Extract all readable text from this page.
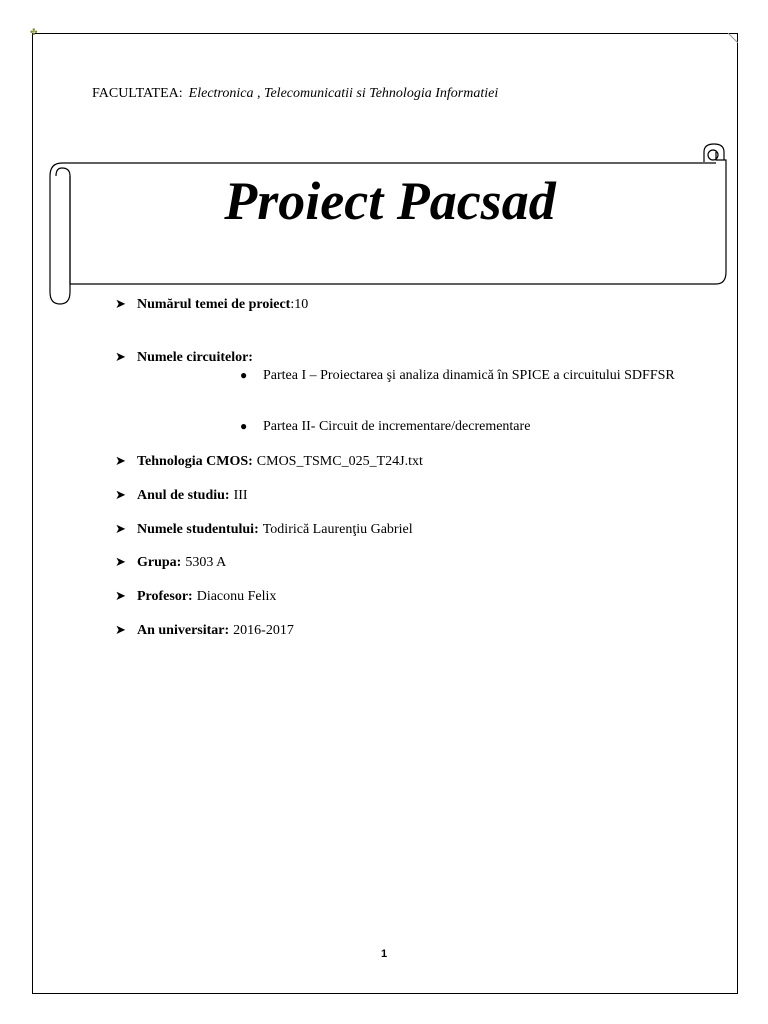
✤
FACULTATEA: Electronica , Telecomunicatii si Tehnologia Informatiei
Proiect Pacsad
➤ Numărul temei de proiect:10
➤ Numele circuitelor:
➤ Tehnologia CMOS: CMOS_TSMC_025_T24J.txt
➤ Anul de studiu: III
➤ Numele studentului: Todirică Laurenţiu Gabriel
➤ Grupa: 5303 A
➤ Profesor: Diaconu Felix
➤ An universitar: 2016-2017
● Partea I – Proiectarea şi analiza dinamică în SPICE a circuitului SDFFSR
● Partea II- Circuit de incrementare/decrementare
1
